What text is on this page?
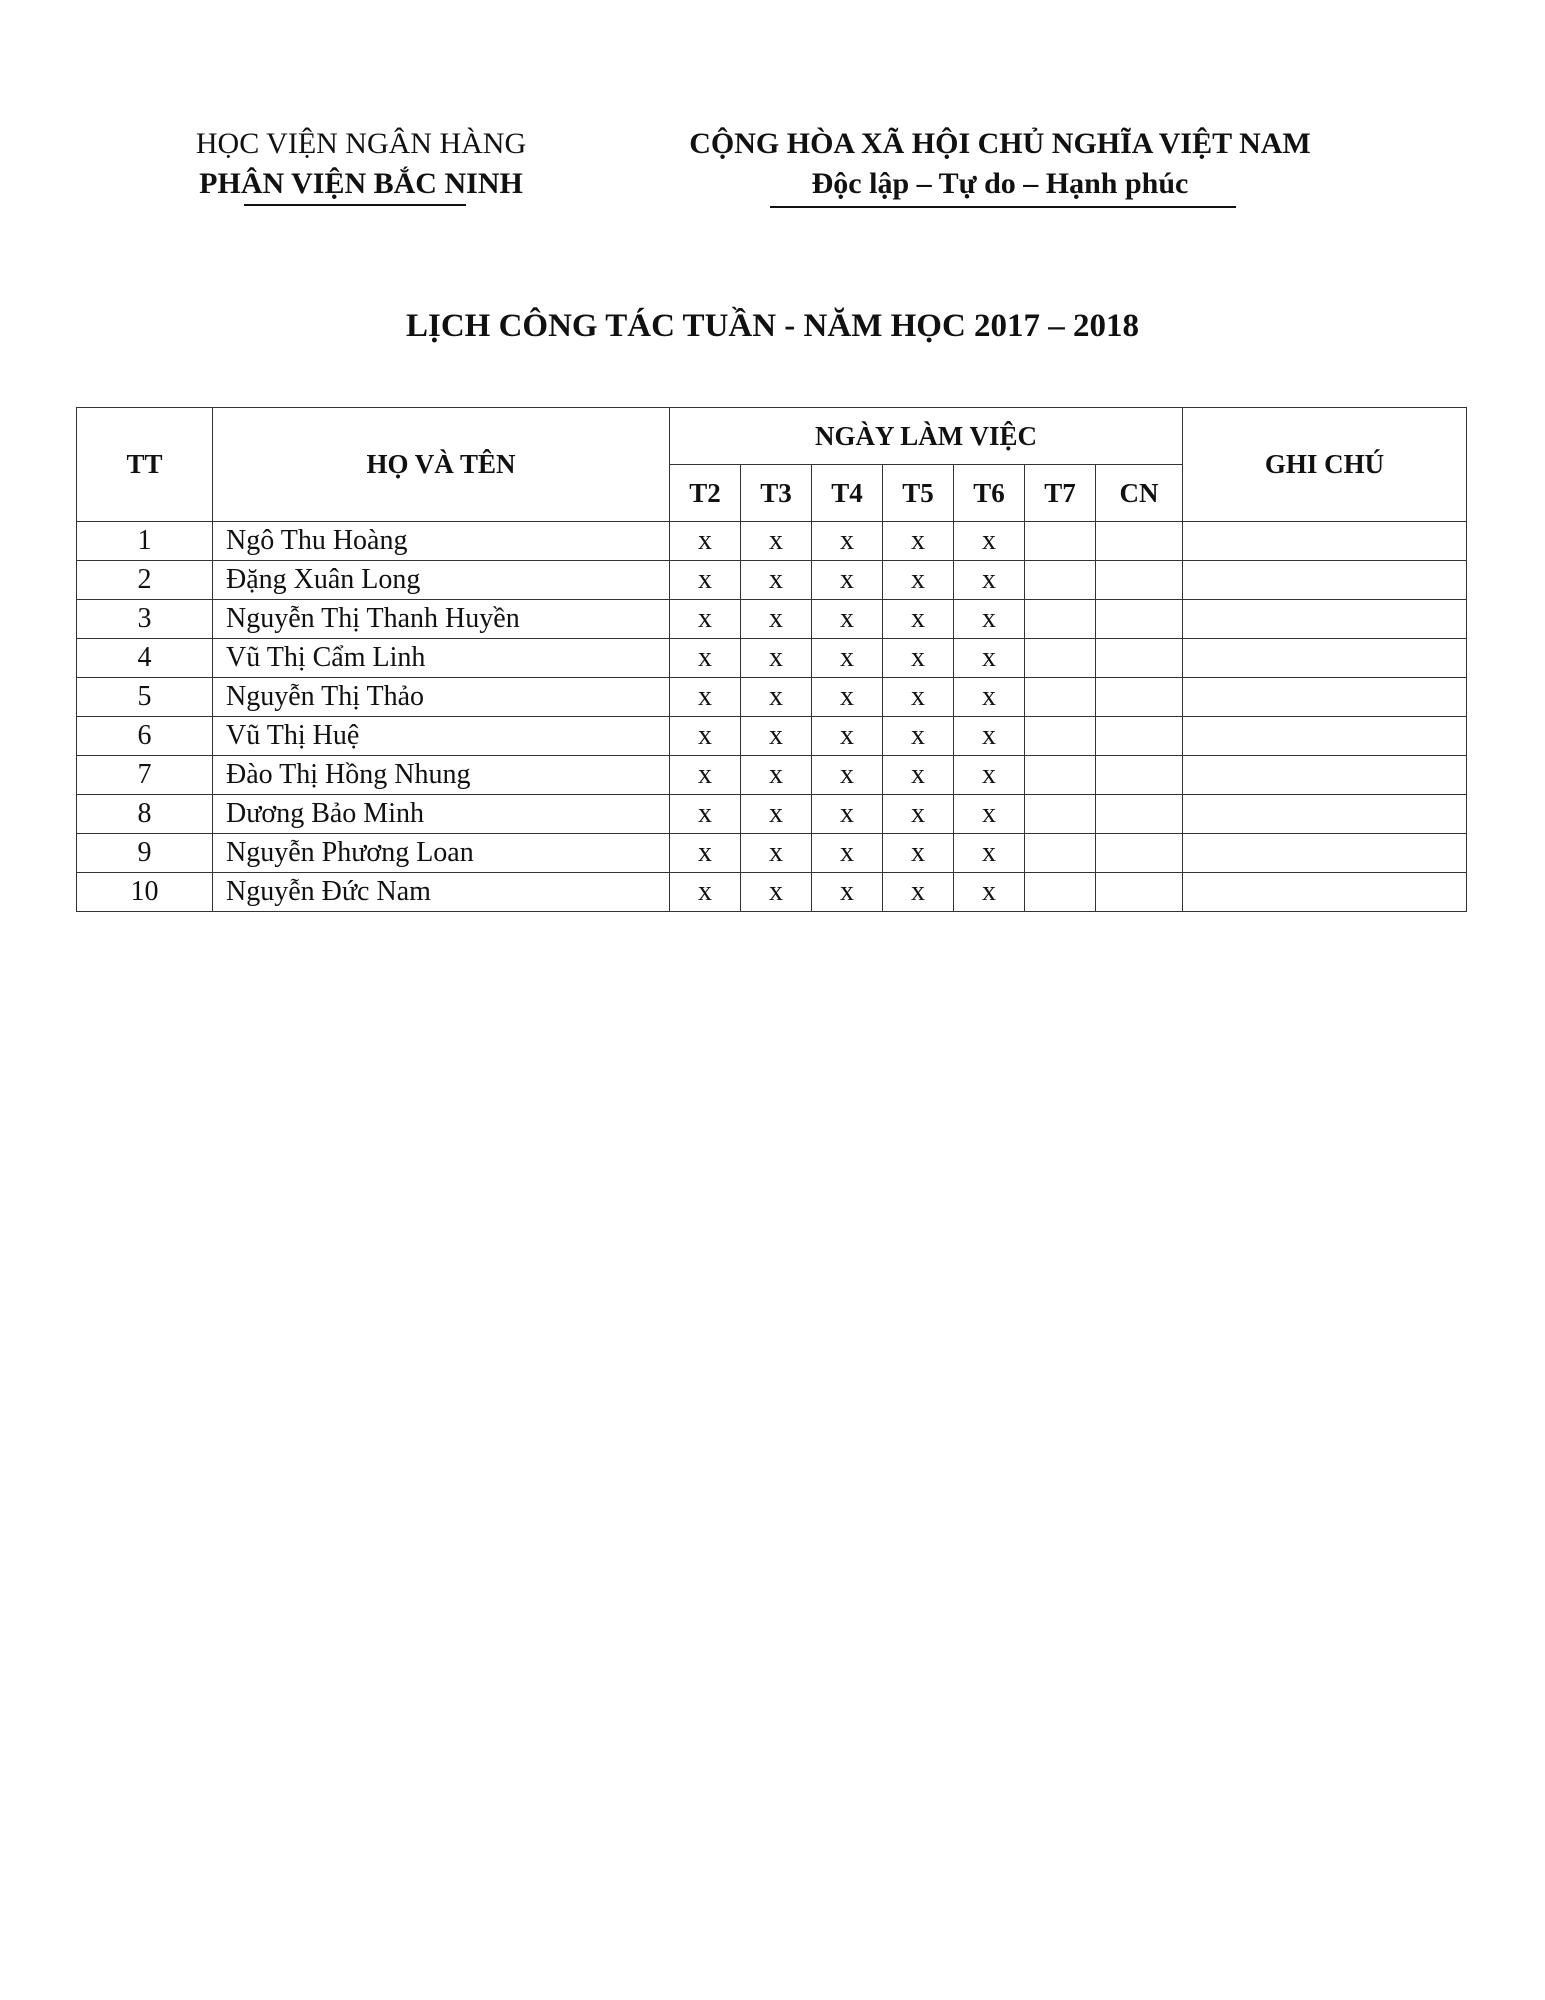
HỌC VIỆN NGÂN HÀNG
PHÂN VIỆN BẮC NINH
CỘNG HÒA XÃ HỘI CHỦ NGHĨA VIỆT NAM
Độc lập – Tự do – Hạnh phúc
LỊCH CÔNG TÁC TUẦN - NĂM HỌC 2017 – 2018
TT	HỌ VÀ TÊN	NGÀY LÀM VIỆC							GHI CHÚ
		T2	T3	T4	T5	T6	T7	CN	
1	Ngô Thu Hoàng	x	x	x	x	x			
2	Đặng Xuân Long	x	x	x	x	x			
3	Nguyễn Thị Thanh Huyền	x	x	x	x	x			
4	Vũ Thị Cẩm Linh	x	x	x	x	x			
5	Nguyễn Thị Thảo	x	x	x	x	x			
6	Vũ Thị Huệ	x	x	x	x	x			
7	Đào Thị Hồng Nhung	x	x	x	x	x			
8	Dương Bảo Minh	x	x	x	x	x			
9	Nguyễn Phương Loan	x	x	x	x	x			
10	Nguyễn Đức Nam	x	x	x	x	x			
